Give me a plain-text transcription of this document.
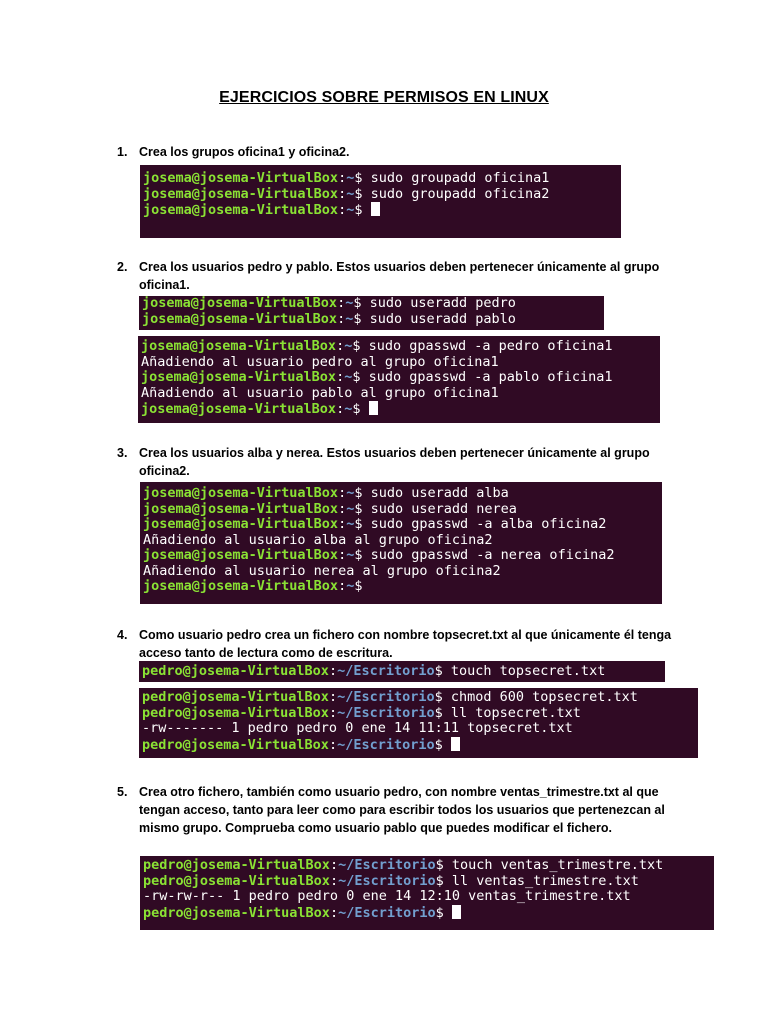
EJERCICIOS SOBRE PERMISOS EN LINUX
1. Crea los grupos oficina1 y oficina2.
josema@josema-VirtualBox:~$ sudo groupadd oficina1
josema@josema-VirtualBox:~$ sudo groupadd oficina2
josema@josema-VirtualBox:~$
2. Crea los usuarios pedro y pablo. Estos usuarios deben pertenecer únicamente al grupo oficina1.
josema@josema-VirtualBox:~$ sudo useradd pedro
josema@josema-VirtualBox:~$ sudo useradd pablo
josema@josema-VirtualBox:~$ sudo gpasswd -a pedro oficina1
Añadiendo al usuario pedro al grupo oficina1
josema@josema-VirtualBox:~$ sudo gpasswd -a pablo oficina1
Añadiendo al usuario pablo al grupo oficina1
josema@josema-VirtualBox:~$
3. Crea los usuarios alba y nerea. Estos usuarios deben pertenecer únicamente al grupo oficina2.
josema@josema-VirtualBox:~$ sudo useradd alba
josema@josema-VirtualBox:~$ sudo useradd nerea
josema@josema-VirtualBox:~$ sudo gpasswd -a alba oficina2
Añadiendo al usuario alba al grupo oficina2
josema@josema-VirtualBox:~$ sudo gpasswd -a nerea oficina2
Añadiendo al usuario nerea al grupo oficina2
josema@josema-VirtualBox:~$
4. Como usuario pedro crea un fichero con nombre topsecret.txt al que únicamente él tenga acceso tanto de lectura como de escritura.
pedro@josema-VirtualBox:~/Escritorio$ touch topsecret.txt
pedro@josema-VirtualBox:~/Escritorio$ chmod 600 topsecret.txt
pedro@josema-VirtualBox:~/Escritorio$ ll topsecret.txt
-rw------- 1 pedro pedro 0 ene 14 11:11 topsecret.txt
pedro@josema-VirtualBox:~/Escritorio$
5. Crea otro fichero, también como usuario pedro, con nombre ventas_trimestre.txt al que tengan acceso, tanto para leer como para escribir todos los usuarios que pertenezcan al mismo grupo. Comprueba como usuario pablo que puedes modificar el fichero.
pedro@josema-VirtualBox:~/Escritorio$ touch ventas_trimestre.txt
pedro@josema-VirtualBox:~/Escritorio$ ll ventas_trimestre.txt
-rw-rw-r-- 1 pedro pedro 0 ene 14 12:10 ventas_trimestre.txt
pedro@josema-VirtualBox:~/Escritorio$
